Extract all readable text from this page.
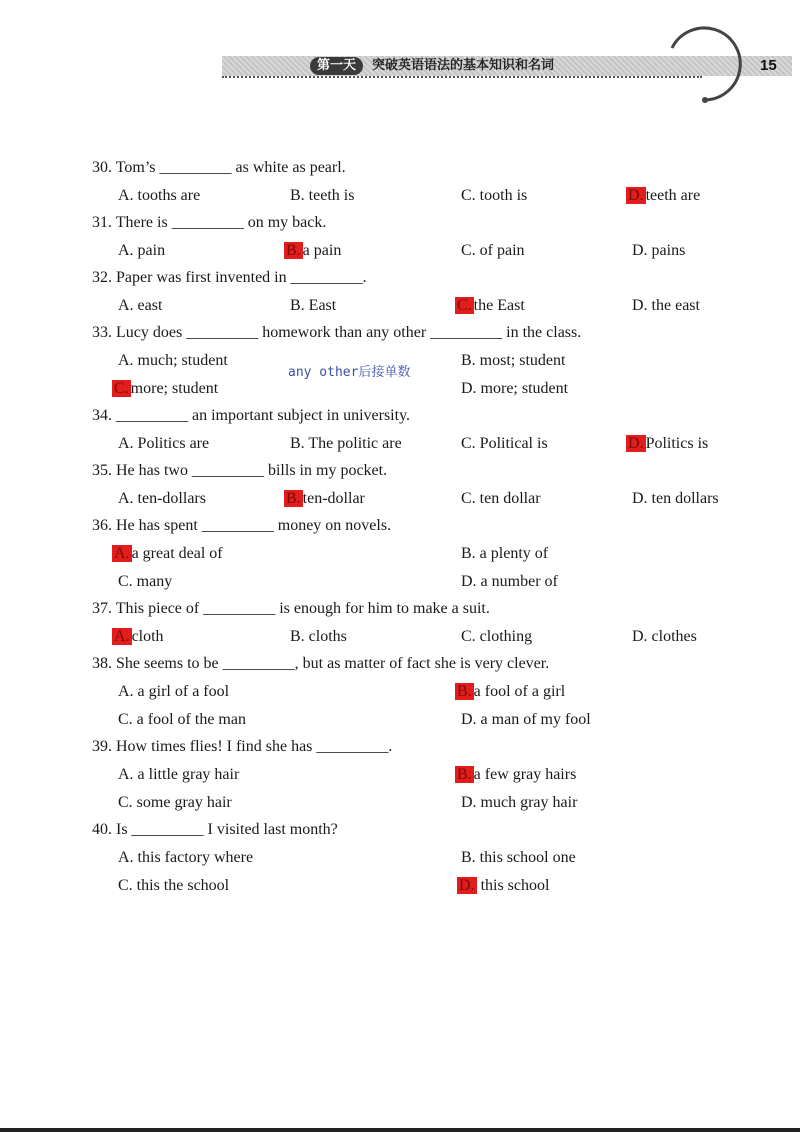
第一天	突破英语语法的基本知识和名词	15
30. Tom’s _________ as white as pearl.
A. tooths are	B. teeth is	C. tooth is	D. teeth are
31. There is _________ on my back.
A. pain	B. a pain	C. of pain	D. pains
32. Paper was first invented in _________.
A. east	B. East	C. the East	D. the east
33. Lucy does _________ homework than any other _________ in the class.
A. much; student	B. most; student
C. more; student	D. more; student
any other后接单数
34. _________ an important subject in university.
A. Politics are	B. The politic are	C. Political is	D. Politics is
35. He has two _________ bills in my pocket.
A. ten-dollars	B. ten-dollar	C. ten dollar	D. ten dollars
36. He has spent _________ money on novels.
A. a great deal of	B. a plenty of
C. many	D. a number of
37. This piece of _________ is enough for him to make a suit.
A. cloth	B. cloths	C. clothing	D. clothes
38. She seems to be _________, but as matter of fact she is very clever.
A. a girl of a fool	B. a fool of a girl
C. a fool of the man	D. a man of my fool
39. How times flies! I find she has _________.
A. a little gray hair	B. a few gray hairs
C. some gray hair	D. much gray hair
40. Is _________ I visited last month?
A. this factory where	B. this school one
C. this the school	D. this school
